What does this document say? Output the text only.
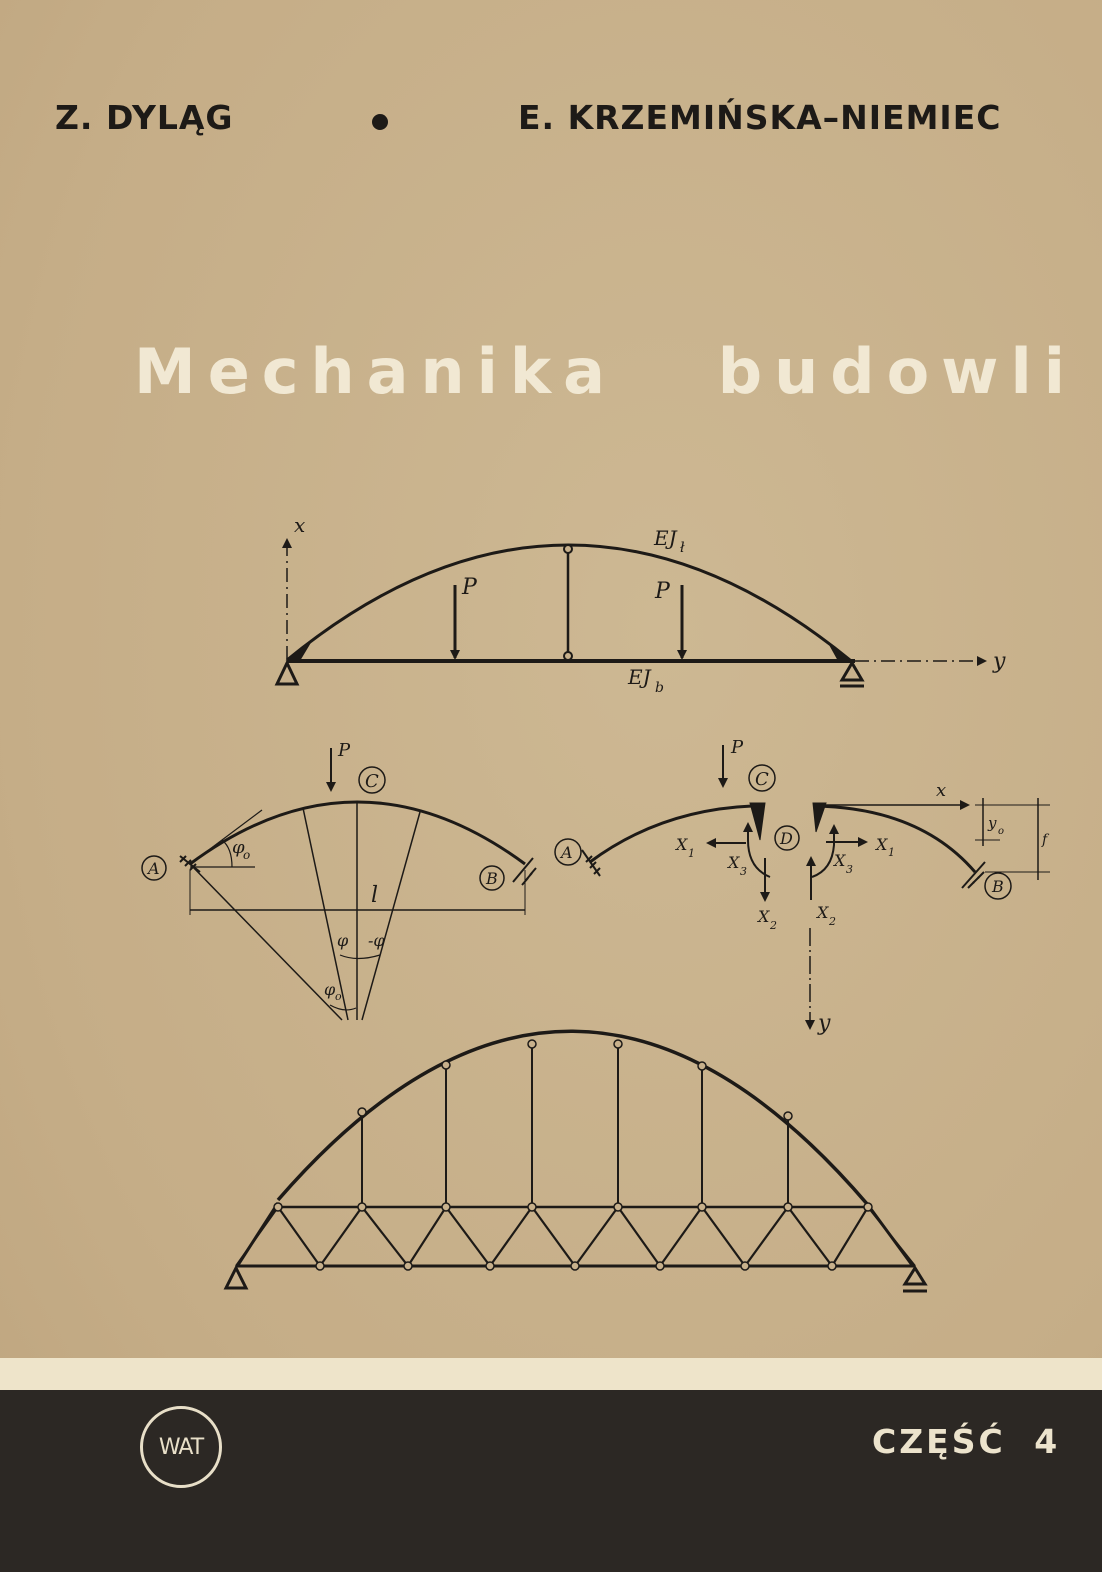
Z. DYLĄG	E. KRZEMIŃSKA–NIEMIEC
Mechanika   budowli
x
y
P	P
EJ ł
EJ b
P
C
A
B
l
φ
o
φ -φ
φ o
P
C
A
D
B
x
y
X 1	X 1
X 3
X 3
X 2
X 2
y o
f
WAT	CZĘŚĆ 4
